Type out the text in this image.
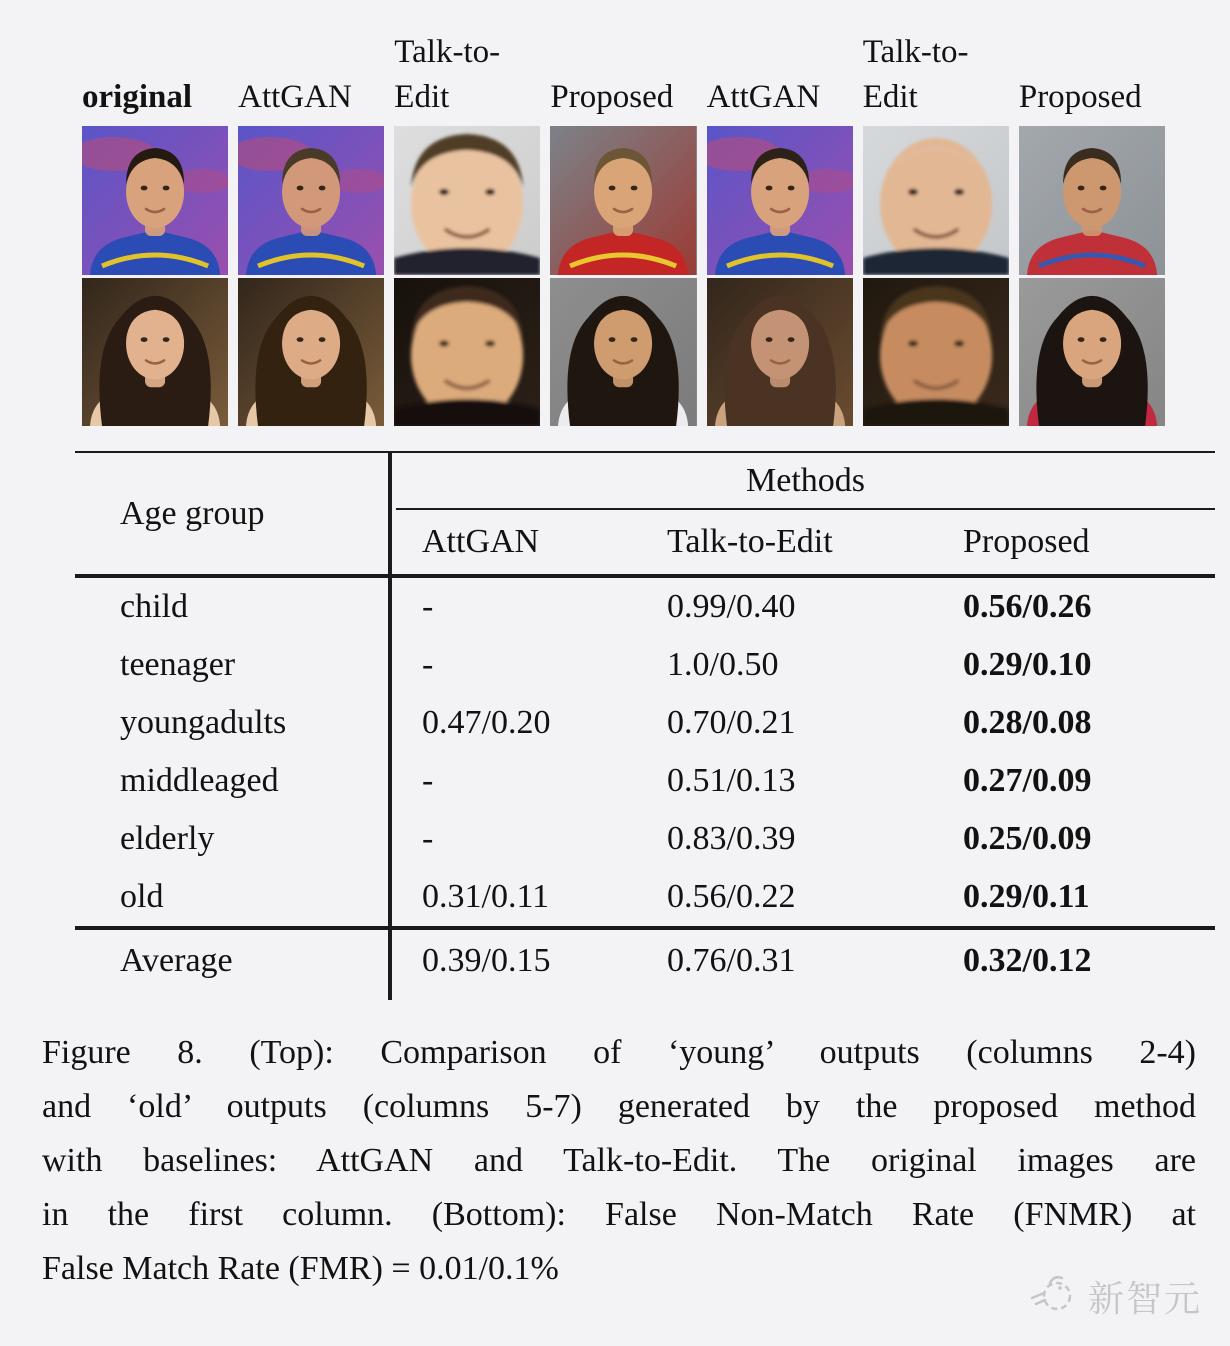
original	AttGAN
Talk-to-Edit	Proposed	AttGAN
Talk-to-Edit	Proposed
Age group
Methods
AttGAN	Talk-to-Edit	Proposed
child	-	0.99/0.40	0.56/0.26
teenager	-	1.0/0.50	0.29/0.10
youngadults	0.47/0.20	0.70/0.21	0.28/0.08
middleaged	-	0.51/0.13	0.27/0.09
elderly	-	0.83/0.39	0.25/0.09
old	0.31/0.11	0.56/0.22	0.29/0.11
Average	0.39/0.15	0.76/0.31	0.32/0.12
Figure 8. (Top): Comparison of ‘young’ outputs (columns 2-4)
and ‘old’ outputs (columns 5-7) generated by the proposed method
with baselines: AttGAN and Talk-to-Edit. The original images are
in the first column. (Bottom): False Non-Match Rate (FNMR) at
False Match Rate (FMR) = 0.01/0.1%
新智元
